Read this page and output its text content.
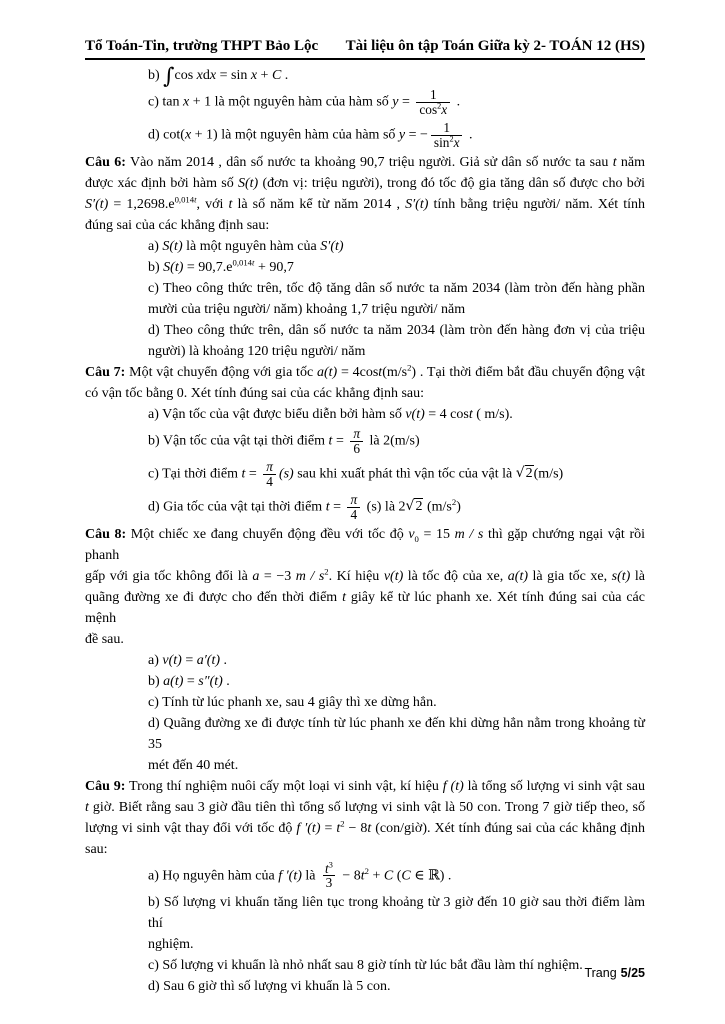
Tổ Toán-Tin, trường THPT Bảo Lộc Tài liệu ôn tập Toán Giữa kỳ 2- TOÁN 12 (HS)
b) ∫cos xdx = sin x + C .
c) tan x + 1 là một nguyên hàm của hàm số $y = \frac{1}{\cos^2x}$ .
d) cot(x + 1) là một nguyên hàm của hàm số y = − $\frac{1}{\sin^2x}$ .
Câu 6: Vào năm 2014 , dân số nước ta khoảng 90,7 triệu người. Giả sử dân số nước ta sau t năm
được xác định bởi hàm số S(t) (đơn vị: triệu người), trong đó tốc độ gia tăng dân số được cho bởi
$S'(t) = 1,2698.e^{0,014t}$, với t là số năm kể từ năm 2014 , S′(t) tính bằng triệu người/ năm. Xét tính
đúng sai của các khẳng định sau:
a) S(t) là một nguyên hàm của S′(t)
b) $S(t) = 90,7.e^{0,014t} + 90,7$
c) Theo công thức trên, tốc độ tăng dân số nước ta năm 2034 (làm tròn đến hàng phần
mười của triệu người/ năm) khoảng 1,7 triệu người/ năm
d) Theo công thức trên, dân số nước ta năm 2034 (làm tròn đến hàng đơn vị của triệu
người) là khoảng 120 triệu người/ năm
Câu 7: Một vật chuyển động với gia tốc $a(t) = 4\cos t(m/s^2)$ . Tại thời điểm bắt đầu chuyển động vật
có vận tốc bằng 0. Xét tính đúng sai của các khẳng định sau:
a) Vận tốc của vật được biểu diễn bởi hàm số v(t) = 4 cost ( m/s).
b) Vận tốc của vật tại thời điểm $t = \frac{\pi}{6}$ là 2(m/s)
c) Tại thời điểm $t = \frac{\pi}{4} (s)$ sau khi xuất phát thì vận tốc của vật là √2(m/s)
d) Gia tốc của vật tại thời điểm $t = \frac{\pi}{4} (s)$ là 2√2 $(m/s^2)$
Câu 8: Một chiếc xe đang chuyển động đều với tốc độ $v_0 = 15$ m / s thì gặp chướng ngại vật rồi phanh
gấp với gia tốc không đổi là a = −3 m / $s^2$. Kí hiệu v(t) là tốc độ của xe, a(t) là gia tốc xe, s(t) là
quãng đường xe đi được cho đến thời điểm t giây kể từ lúc phanh xe. Xét tính đúng sai của các mệnh
đề sau.
a) v(t) = a′(t) .
b) a(t) = s″(t) .
c) Tính từ lúc phanh xe, sau 4 giây thì xe dừng hẳn.
d) Quãng đường xe đi được tính từ lúc phanh xe đến khi dừng hẳn nằm trong khoảng từ 35
mét đến 40 mét.
Câu 9: Trong thí nghiệm nuôi cấy một loại vi sinh vật, kí hiệu f (t) là tổng số lượng vi sinh vật sau
t giờ. Biết rằng sau 3 giờ đầu tiên thì tổng số lượng vi sinh vật là 50 con. Trong 7 giờ tiếp theo, số
lượng vi sinh vật thay đổi với tốc độ f $'(t) = t^2 - 8t$ (con/giờ). Xét tính đúng sai của các khẳng định
sau:
a) Họ nguyên hàm của f ′(t) là $\frac{t^3}{3} - 8t^2 + C$ (C ∈ ℝ) .
b) Số lượng vi khuẩn tăng liên tục trong khoảng từ 3 giờ đến 10 giờ sau thời điểm làm thí
nghiệm.
c) Số lượng vi khuẩn là nhỏ nhất sau 8 giờ tính từ lúc bắt đầu làm thí nghiệm.
d) Sau 6 giờ thì số lượng vi khuẩn là 5 con.
Trang 5/25
